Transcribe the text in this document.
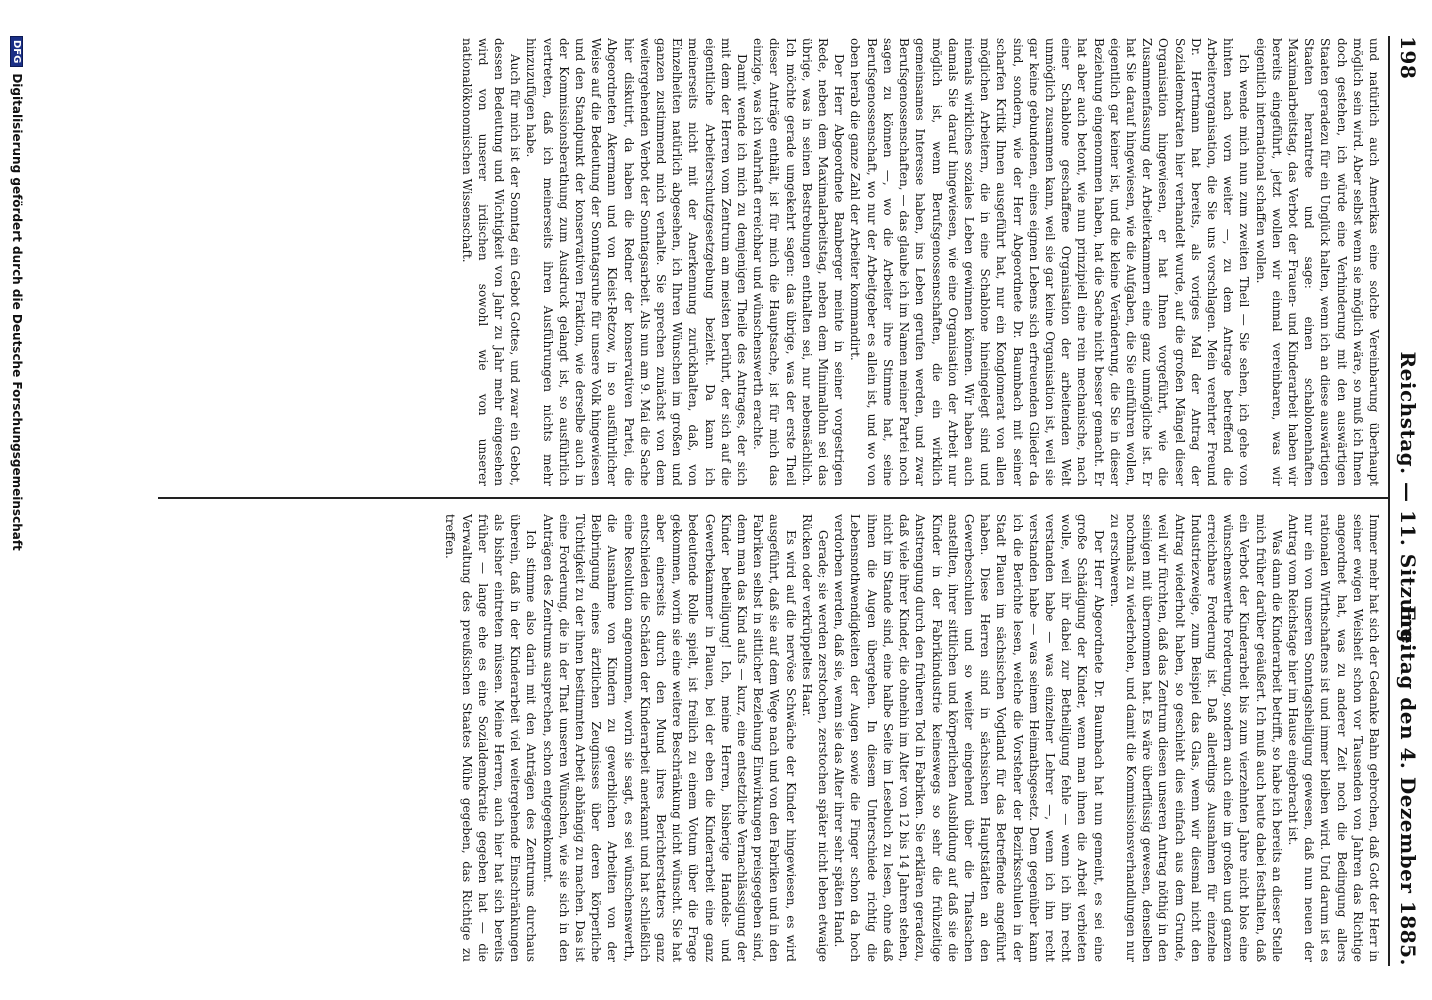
198
Reichstag. — 11. Sitzung.
Freitag den 4. Dezember 1885.

und natürlich auch Amerikas eine solche Vereinbarung überhaupt möglich sein wird. Aber selbst wenn sie möglich wäre, so muß ich Ihnen doch gestehen, ich würde eine Verhinderung mit den auswärtigen Staaten geradezu für ein Unglück halten, wenn ich an diese auswärtigen Staaten herantrete und sage: einen schablonenhaften Maximalarbeitstag, das Verbot der Frauen- und Kinderarbeit haben wir bereits eingeführt, jetzt wollen wir einmal vereinbaren, was wir eigentlich international schaffen wollen.

Ich wende mich nun zum zweiten Theil — Sie sehen, ich gehe von hinten nach vorn weiter —, zu dem Antrage betreffend die Arbeiterorganisation, die Sie uns vorschlagen. Mein verehrter Freund Dr. Hertmann hat bereits, als voriges Mal der Antrag der Sozialdemokraten hier verhandelt wurde, auf die großen Mängel dieser Organisation hingewiesen, er hat Ihnen vorgeführt, wie die Zusammenfassung der Arbeiterkammern eine ganz unmögliche ist. Er hat Sie darauf hingewiesen, wie die Aufgaben, die Sie einführen wollen, eigentlich gar keiner ist, und die kleine Veränderung, die Sie in dieser Beziehung eingenommen haben, hat die Sache nicht besser gemacht. Er hat aber auch betont, wie nun prinzipiell eine rein mechanische, nach einer Schablone geschaffene Organisation der arbeitenden Welt unmöglich zusammen kann, weil sie gar keine Organisation ist, weil sie gar keine gebundenen, eines eignen Lebens sich erfreuenden Glieder da sind, sondern, wie der Herr Abgeordnete Dr. Baumbach mit seiner scharfen Kritik Ihnen ausgeführt hat, nur ein Konglomerat von allen möglichen Arbeitern, die in eine Schablone hineingelegt sind und niemals wirkliches soziales Leben gewinnen können. Wir haben auch damals Sie darauf hingewiesen, wie eine Organisation der Arbeit nur möglich ist, wenn Berufsgenossenschaften, die ein wirklich gemeinsames Interesse haben, ins Leben gerufen werden, und zwar Berufsgenossenschaften, — das glaube ich im Namen meiner Partei noch sagen zu können —, wo die Arbeiter ihre Stimme hat, seine Berufsgenossenschaft, wo nur der Arbeitgeber es allein ist, und wo von oben herab die ganze Zahl der Arbeiter kommandirt.

Der Herr Abgeordnete Bamberger meinte in seiner vorgestrigen Rede, neben dem Maximalarbeitstag, neben dem Minimallohn sei das übrige, was in seinen Bestrebungen enthalten sei, nur nebensächlich. Ich möchte gerade umgekehrt sagen: das übrige, was der erste Theil dieser Anträge enthält, ist für mich die Hauptsache, ist für mich das einzige, was ich wahrhaft erreichbar und wünschenswerth erachte.

Damit wende ich mich zu demjenigen Theile des Antrages, der sich mit dem der Herren vom Zentrum am meisten berührt, der sich auf die eigentliche Arbeiterschutzgesetzgebung bezieht. Da kann ich meinerseits nicht mit der Anerkennung zurückhalten, daß, von Einzelheiten natürlich abgesehen, ich Ihren Wünschen im großen und ganzen zustimmend mich verhalte. Sie sprechen zunächst von dem weitergehenden Verbot der Sonntagsarbeit. Als nun am 9. Mai die Sache hier diskutirt, da haben die Redner der konservativen Partei, die Abgeordneten Akermann und von Kleist-Retzow, in so ausführlicher Weise auf die Bedeutung der Sonntagsruhe für unsere Volk hingewiesen und den Standpunkt der konservativen Fraktion, wie derselbe auch in der Kommissionsberathung zum Ausdruck gelangt ist, so ausführlich vertreten, daß ich meinerseits ihren Ausführungen nichts mehr hinzuzufügen habe.

Auch für mich ist der Sonntag ein Gebot Gottes, und zwar ein Gebot, dessen Bedeutung und Wichtigkeit von Jahr zu Jahr mehr eingesehen wird von unserer irdischen sowohl wie von unserer nationalökonomischen Wissenschaft.

Immer mehr hat sich der Gedanke Bahn gebrochen, daß Gott der Herr in seiner ewigen Weisheit schon vor Tausenden von Jahren das Richtige angeordnet hat, was zu anderer Zeit noch die Bedingung allers rationalen Wirthschaftens ist und immer bleiben wird. Und darum ist es nur ein von unseren Sonntagsheiligung gewesen, daß nun neuen der Antrag vom Reichstage hier im Hause eingebracht ist.

Was dann die Kinderarbeit betrifft, so habe ich bereits an dieser Stelle mich früher darüber geäußert. Ich muß auch heute dabei festhalten, daß ein Verbot der Kinderarbeit bis zum vierzehnten Jahre nicht blos eine wünschenswerthe Forderung, sondern auch eine im großen und ganzen erreichbare Forderung ist. Daß allerdings Ausnahmen für einzelne Industriezweige, zum Beispiel das Glas, wenn wir diesmal nicht den Antrag wiederholt haben, so geschieht dies einfach aus dem Grunde, weil wir fürchten, daß das Zentrum diesen unseren Antrag nöthig in den seinigen mit übernommen hat. Es wäre überflüssig gewesen, denselben nochmals zu wiederholen, und damit die Kommissionsverhandlungen nur zu erschweren.

Der Herr Abgeordnete Dr. Baumbach hat nun gemeint, es sei eine große Schädigung der Kinder, wenn man ihnen die Arbeit verbieten wolle, weil ihr dabei zur Betheiligung fehle — wenn ich ihn recht verstanden habe — was einzelner Lehrer —, wenn ich ihn recht verstanden habe — was seinem Heimathsgesetz. Dem gegenüber kann ich die Berichte lesen, welche die Vorsteher der Bezirksschulen in der Stadt Plauen im sächsischen Vogtland für das Betreffende angeführt haben. Diese Herren sind in sächsischen Hauptstädten an den Gewerbeschulen und so weiter eingehend über die Thatsachen anstellten, ihrer sittlichen und körperlichen Ausbildung auf daß sie die Kinder in der Fabrikindustrie keineswegs so sehr die frühzeitige Anstrengung durch den früheren Tod in Fabriken. Sie erklären geradezu, daß viele ihrer Kinder, die ohnehin im Alter von 12 bis 14 Jahren stehen, nicht im Stande sind, eine halbe Seite im Lesebuch zu lesen, ohne daß ihnen die Augen übergehen. In diesem Unterschiede richtig die Lebensnothwendigkeiten der Augen sowie die Finger schon da hoch verdorben werden, daß sie, wenn sie das Alter ihrer sehr späten Hand.

Gerade; sie werden zerstochen, zerstochen später nicht leben etwaige Rücken oder verkrüppeltes Haar.

Es wird auf die nervöse Schwäche der Kinder hingewiesen, es wird ausgeführt, daß sie auf dem Wege nach und von den Fabriken und in den Fabriken selbst in sittlicher Beziehung Einwirkungen preisgegeben sind, denn man das Kind aufs — kurz, eine entsetzliche Vernachlässigung der Kinder betheiligung! Ich, meine Herren, bisherige Handels- und Gewerbekammer in Plauen, bei der eben die Kinderarbeit eine ganz bedeutende Rolle spielt, ist freilich zu einem Votum über die Frage gekommen, worin sie eine weitere Beschränkung nicht wünscht. Sie hat aber einerseits durch den Mund ihres Berichterstatters ganz entschieden die Schäden der Kinderarbeit anerkannt und hat schließlich eine Resolution angenommen, worin sie sagt, es sei wünschenswerth, die Ausnahme von Kindern zu gewerblichen Arbeiten von der Beibringung eines ärztlichen Zeugnisses über deren körperliche Tüchtigkeit zu der ihnen bestimmten Arbeit abhängig zu machen. Das ist eine Forderung, die in der That unseren Wünschen, wie sie sich in den Anträgen des Zentrums ausprechen, schon entgegenkommt.

Ich stimme also darin mit den Anträgen des Zentrums durchaus überein, daß in der Kinderarbeit viel weitergehende Einschränkungen als bisher eintreten müssen. Meine Herren, auch hier hat sich bereits früher — lange ehe es eine Sozialdemokratie gegeben hat — die Verwaltung des preußischen Staates Mühe gegeben, das Richtige zu treffen.

DFGDigitalisierung gefördert durch die Deutsche Forschungsgemeinschaft
